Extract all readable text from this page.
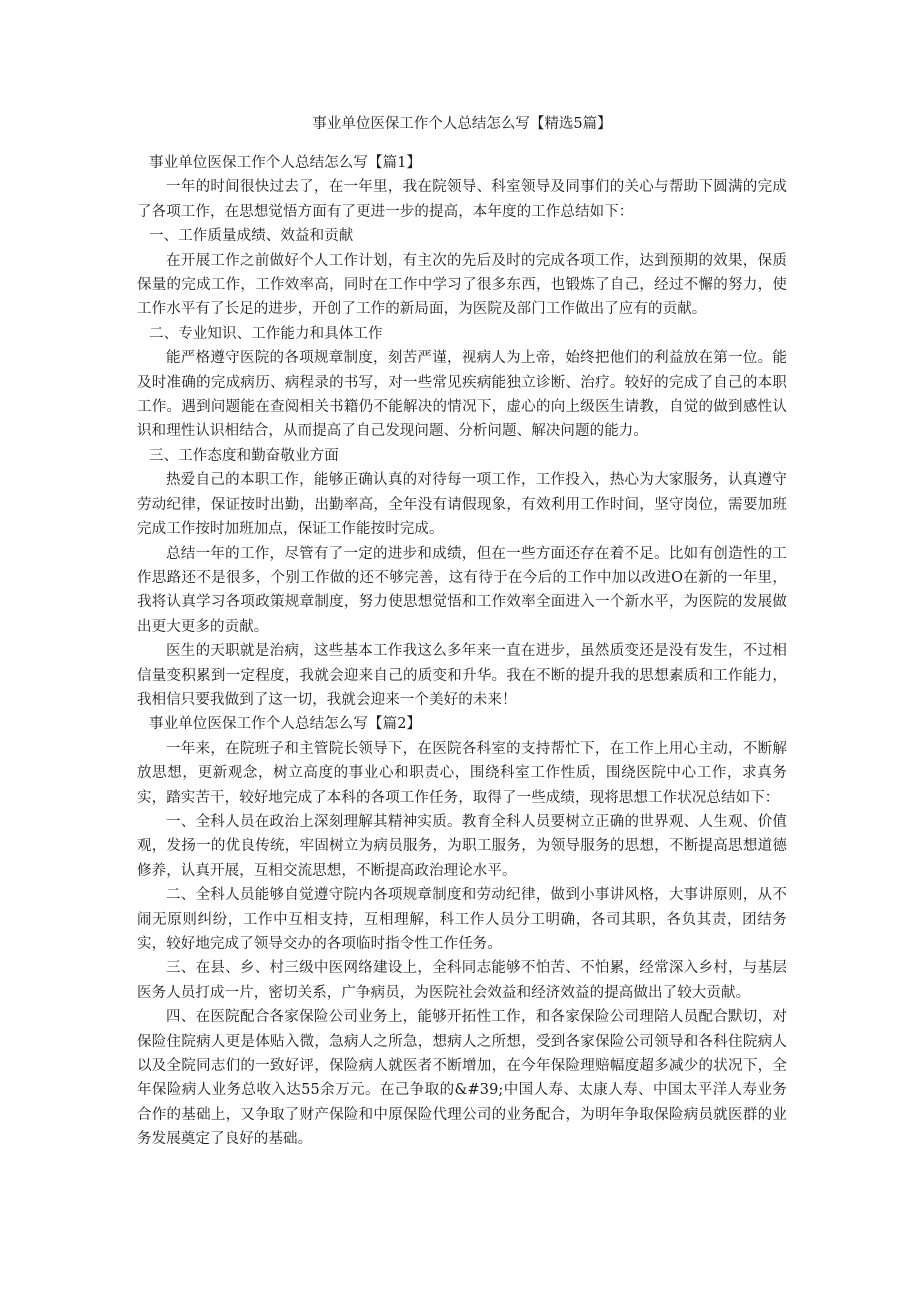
事业单位医保工作个人总结怎么写【精选5篇】

事业单位医保工作个人总结怎么写【篇1】

一年的时间很快过去了，在一年里，我在院领导、科室领导及同事们的关心与帮助下圆满的完成了各项工作，在思想觉悟方面有了更进一步的提高，本年度的工作总结如下：

一、工作质量成绩、效益和贡献

在开展工作之前做好个人工作计划，有主次的先后及时的完成各项工作，达到预期的效果，保质保量的完成工作，工作效率高，同时在工作中学习了很多东西，也锻炼了自己，经过不懈的努力，使工作水平有了长足的进步，开创了工作的新局面，为医院及部门工作做出了应有的贡献。

二、专业知识、工作能力和具体工作

能严格遵守医院的各项规章制度，刻苦严谨，视病人为上帝，始终把他们的利益放在第一位。能及时准确的完成病历、病程录的书写，对一些常见疾病能独立诊断、治疗。较好的完成了自己的本职工作。遇到问题能在查阅相关书籍仍不能解决的情况下，虚心的向上级医生请教，自觉的做到感性认识和理性认识相结合，从而提高了自己发现问题、分析问题、解决问题的能力。

三、工作态度和勤奋敬业方面

热爱自己的本职工作，能够正确认真的对待每一项工作，工作投入，热心为大家服务，认真遵守劳动纪律，保证按时出勤，出勤率高，全年没有请假现象，有效利用工作时间，坚守岗位，需要加班完成工作按时加班加点，保证工作能按时完成。

总结一年的工作，尽管有了一定的进步和成绩，但在一些方面还存在着不足。比如有创造性的工作思路还不是很多，个别工作做的还不够完善，这有待于在今后的工作中加以改进O在新的一年里，我将认真学习各项政策规章制度，努力使思想觉悟和工作效率全面进入一个新水平，为医院的发展做出更大更多的贡献。

医生的天职就是治病，这些基本工作我这么多年来一直在进步，虽然质变还是没有发生，不过相信量变积累到一定程度，我就会迎来自己的质变和升华。我在不断的提升我的思想素质和工作能力，我相信只要我做到了这一切，我就会迎来一个美好的未来！

事业单位医保工作个人总结怎么写【篇2】

一年来，在院班子和主管院长领导下，在医院各科室的支持帮忙下，在工作上用心主动，不断解放思想，更新观念，树立高度的事业心和职责心，围绕科室工作性质，围绕医院中心工作，求真务实，踏实苦干，较好地完成了本科的各项工作任务，取得了一些成绩，现将思想工作状况总结如下：

一、全科人员在政治上深刻理解其精神实质。教育全科人员要树立正确的世界观、人生观、价值观，发扬一的优良传统，牢固树立为病员服务，为职工服务，为领导服务的思想，不断提高思想道德修养，认真开展，互相交流思想，不断提高政治理论水平。

二、全科人员能够自觉遵守院内各项规章制度和劳动纪律，做到小事讲风格，大事讲原则，从不闹无原则纠纷，工作中互相支持，互相理解，科工作人员分工明确，各司其职，各负其责，团结务实，较好地完成了领导交办的各项临时指令性工作任务。

三、在县、乡、村三级中医网络建设上，全科同志能够不怕苦、不怕累，经常深入乡村，与基层医务人员打成一片，密切关系，广争病员，为医院社会效益和经济效益的提高做出了较大贡献。

四、在医院配合各家保险公司业务上，能够开拓性工作，和各家保险公司理陪人员配合默切，对保险住院病人更是体贴入微，急病人之所急，想病人之所想，受到各家保险公司领导和各科住院病人以及全院同志们的一致好评，保险病人就医者不断增加，在今年保险理赔幅度超多减少的状况下，全年保险病人业务总收入达55余万元。在己争取的&#39;中国人寿、太康人寿、中国太平洋人寿业务合作的基础上，又争取了财产保险和中原保险代理公司的业务配合，为明年争取保险病员就医群的业务发展奠定了良好的基础。
